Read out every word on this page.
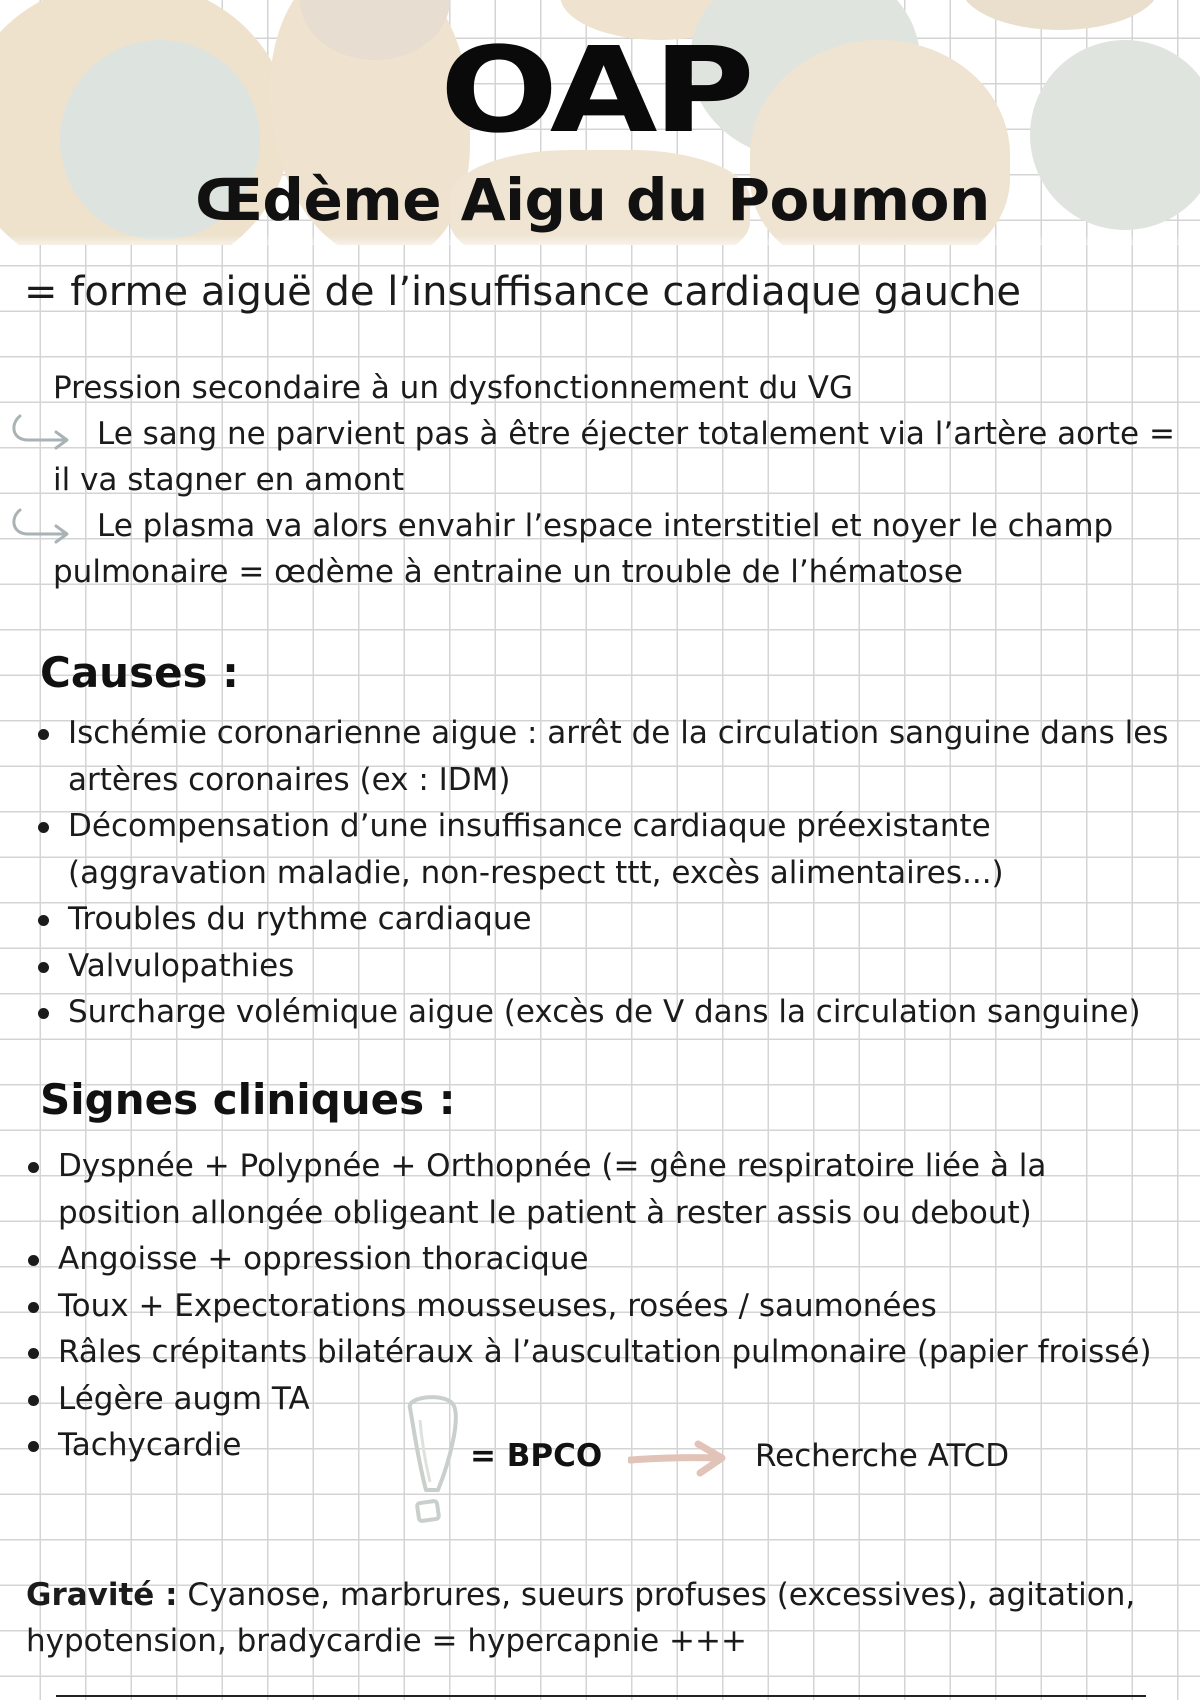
OAP
Œdème Aigu du Poumon
= forme aiguë de l’insuffisance cardiaque gauche
Pression secondaire à un dysfonctionnement du VG
Le sang ne parvient pas à être éjecter totalement via l’artère aorte =
il va stagner en amont
Le plasma va alors envahir l’espace interstitiel et noyer le champ
pulmonaire = œdème à entraine un trouble de l’hématose
Causes :
Ischémie coronarienne aigue : arrêt de la circulation sanguine dans les artères coronaires (ex : IDM)
Décompensation d’une insuffisance cardiaque préexistante (aggravation maladie, non-respect ttt, excès alimentaires...)
Troubles du rythme cardiaque
Valvulopathies
Surcharge volémique aigue (excès de V dans la circulation sanguine)
Signes cliniques :
Dyspnée + Polypnée + Orthopnée (= gêne respiratoire liée à la position allongée obligeant le patient à rester assis ou debout)
Angoisse + oppression thoracique
Toux + Expectorations mousseuses, rosées / saumonées
Râles crépitants bilatéraux à l’auscultation pulmonaire (papier froissé)
Légère augm TA
Tachycardie	= BPCO	Recherche ATCD
Gravité : Cyanose, marbrures, sueurs profuses (excessives), agitation, hypotension, bradycardie = hypercapnie +++
